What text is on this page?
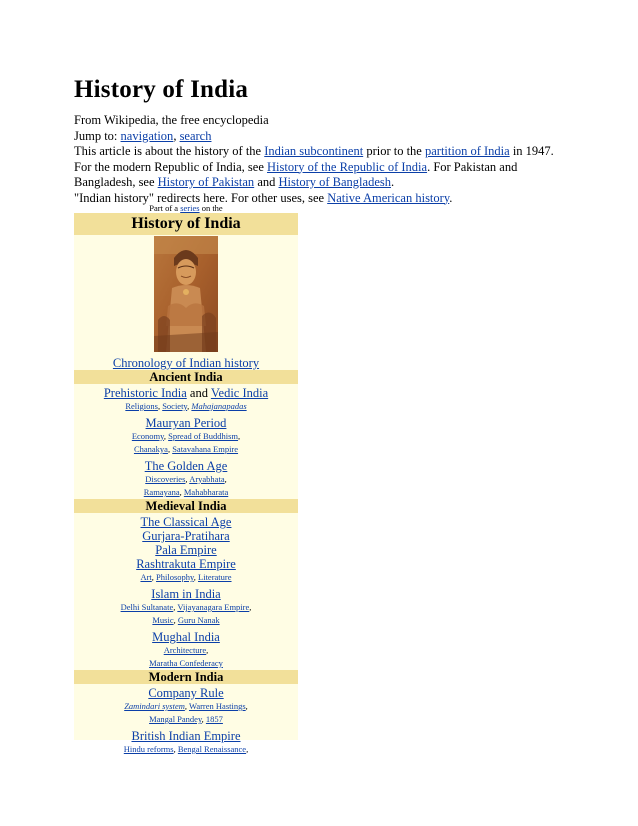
History of India
From Wikipedia, the free encyclopedia
Jump to: navigation, search
This article is about the history of the Indian subcontinent prior to the partition of India in 1947.
For the modern Republic of India, see History of the Republic of India. For Pakistan and
Bangladesh, see History of Pakistan and History of Bangladesh.
"Indian history" redirects here. For other uses, see Native American history.
Part of a series on the
History of India
Chronology of Indian history
Ancient India
Prehistoric India and Vedic India
Religions, Society, Mahajanapadas
Mauryan Period
Economy, Spread of Buddhism,
Chanakya, Satavahana Empire
The Golden Age
Discoveries, Aryabhata,
Ramayana, Mahabharata
Medieval India
The Classical Age
Gurjara-Pratihara
Pala Empire
Rashtrakuta Empire
Art, Philosophy, Literature
Islam in India
Delhi Sultanate, Vijayanagara Empire,
Music, Guru Nanak
Mughal India
Architecture,
Maratha Confederacy
Modern India
Company Rule
Zamindari system, Warren Hastings,
Mangal Pandey, 1857
British Indian Empire
Hindu reforms, Bengal Renaissance,
